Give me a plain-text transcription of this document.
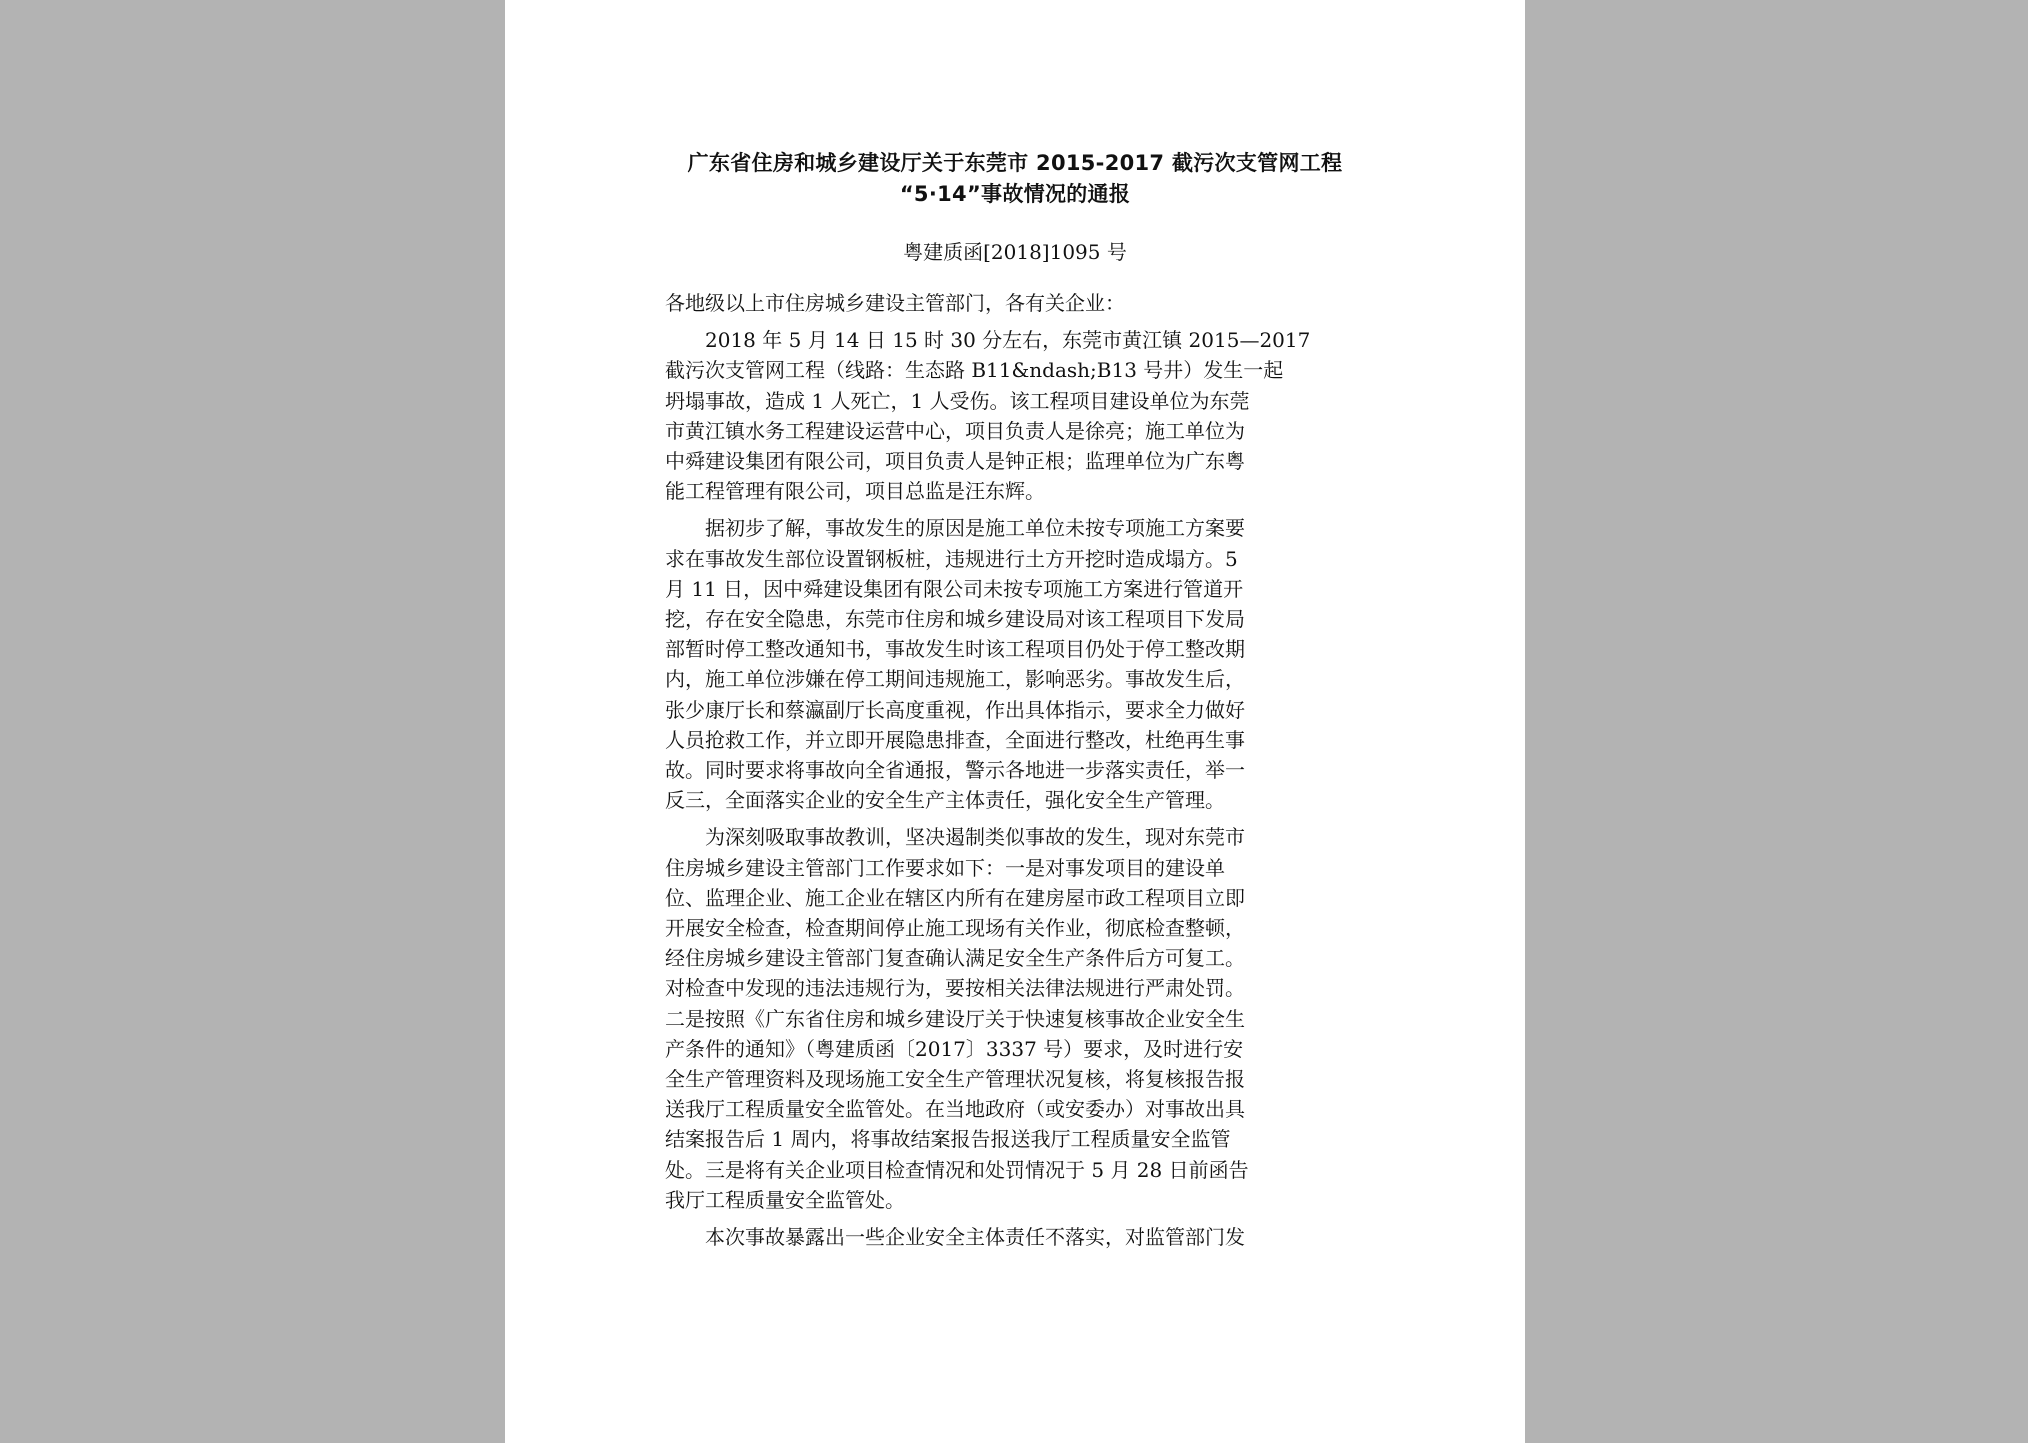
广东省住房和城乡建设厅关于东莞市 2015-2017 截污次支管网工程
“5·14”事故情况的通报
粤建质函[2018]1095 号
各地级以上市住房城乡建设主管部门，各有关企业：
　　2018 年 5 月 14 日 15 时 30 分左右，东莞市黄江镇 2015—2017
截污次支管网工程（线路：生态路 B11&ndash;B13 号井）发生一起
坍塌事故，造成 1 人死亡，1 人受伤。该工程项目建设单位为东莞
市黄江镇水务工程建设运营中心，项目负责人是徐亮；施工单位为
中舜建设集团有限公司，项目负责人是钟正根；监理单位为广东粤
能工程管理有限公司，项目总监是汪东辉。
　　据初步了解，事故发生的原因是施工单位未按专项施工方案要
求在事故发生部位设置钢板桩，违规进行土方开挖时造成塌方。5
月 11 日，因中舜建设集团有限公司未按专项施工方案进行管道开
挖，存在安全隐患，东莞市住房和城乡建设局对该工程项目下发局
部暂时停工整改通知书，事故发生时该工程项目仍处于停工整改期
内，施工单位涉嫌在停工期间违规施工，影响恶劣。事故发生后，
张少康厅长和蔡瀛副厅长高度重视，作出具体指示，要求全力做好
人员抢救工作，并立即开展隐患排查，全面进行整改，杜绝再生事
故。同时要求将事故向全省通报，警示各地进一步落实责任，举一
反三，全面落实企业的安全生产主体责任，强化安全生产管理。
　　为深刻吸取事故教训，坚决遏制类似事故的发生，现对东莞市
住房城乡建设主管部门工作要求如下：一是对事发项目的建设单
位、监理企业、施工企业在辖区内所有在建房屋市政工程项目立即
开展安全检查，检查期间停止施工现场有关作业，彻底检查整顿，
经住房城乡建设主管部门复查确认满足安全生产条件后方可复工。
对检查中发现的违法违规行为，要按相关法律法规进行严肃处罚。
二是按照《广东省住房和城乡建设厅关于快速复核事故企业安全生
产条件的通知》（粤建质函〔2017〕3337 号）要求，及时进行安
全生产管理资料及现场施工安全生产管理状况复核，将复核报告报
送我厅工程质量安全监管处。在当地政府（或安委办）对事故出具
结案报告后 1 周内，将事故结案报告报送我厅工程质量安全监管
处。三是将有关企业项目检查情况和处罚情况于 5 月 28 日前函告
我厅工程质量安全监管处。
　　本次事故暴露出一些企业安全主体责任不落实，对监管部门发
